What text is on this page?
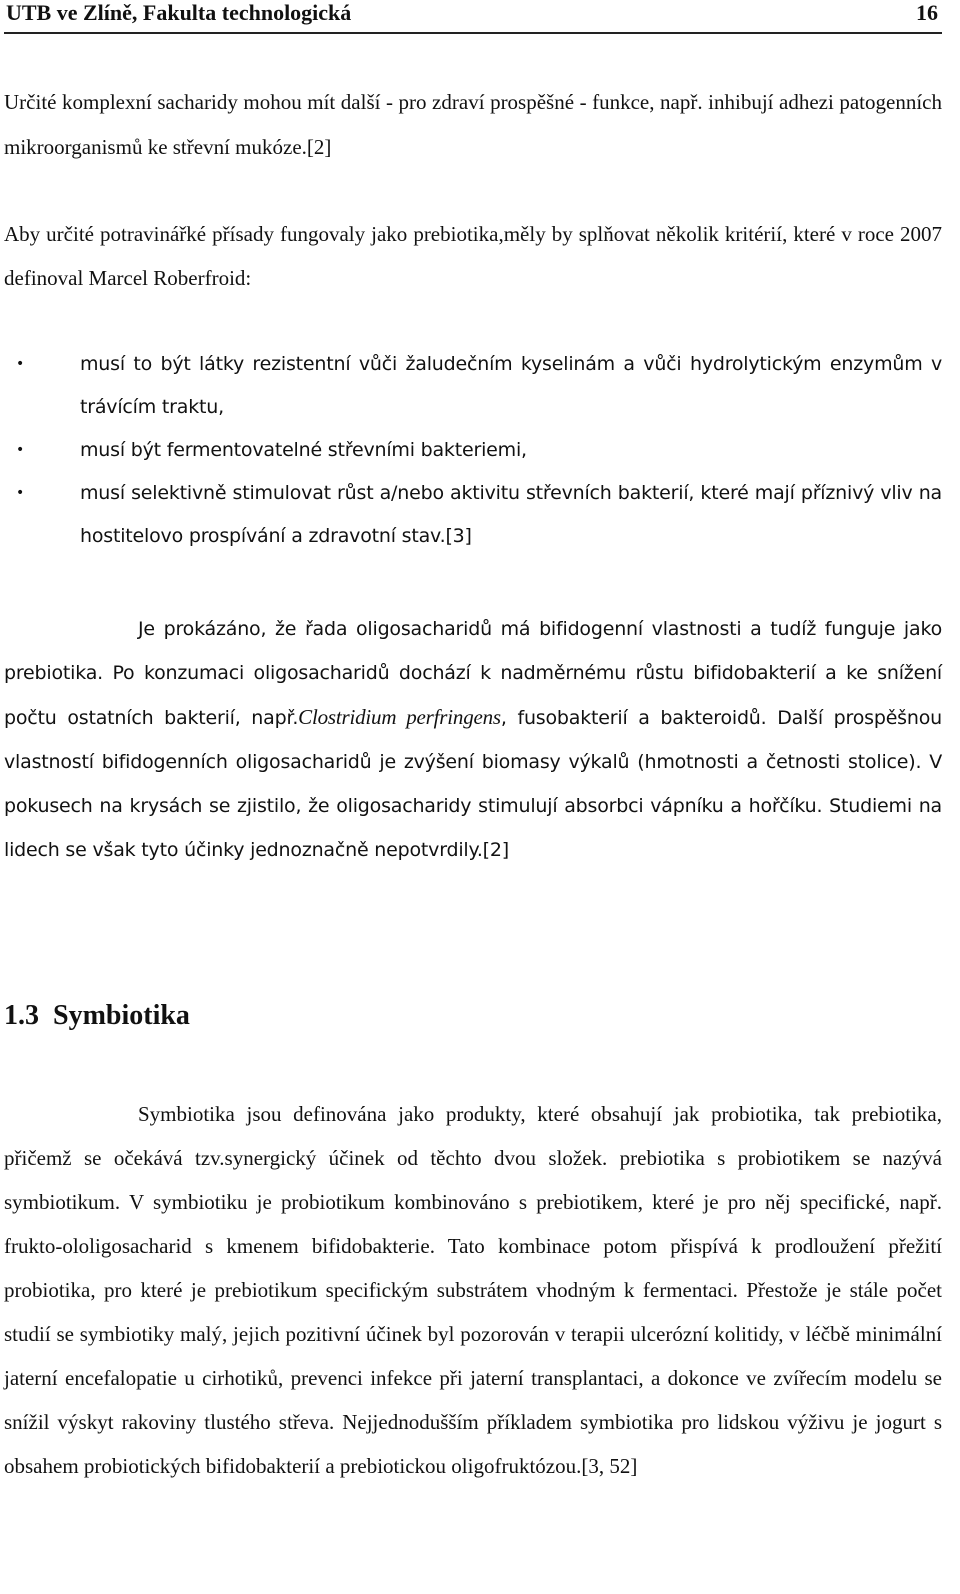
UTB ve Zlíně, Fakulta technologická	16
Určité komplexní sacharidy mohou mít další - pro zdraví prospěšné - funkce, např. inhibují adhezi patogenních mikroorganismů ke střevní mukóze.[2]
Aby určité potravinářké přísady fungovaly jako prebiotika,měly by splňovat několik kritérií, které v roce 2007 definoval Marcel Roberfroid:
•	musí to být látky rezistentní vůči žaludečním kyselinám a vůči hydrolytickým enzymům v trávícím traktu,
•	musí být fermentovatelné střevními bakteriemi,
•	musí selektivně stimulovat růst a/nebo aktivitu střevních bakterií, které mají příznivý vliv na hostitelovo prospívání a zdravotní stav.[3]
Je prokázáno, že řada oligosacharidů má bifidogenní vlastnosti a tudíž funguje jako prebiotika. Po konzumaci oligosacharidů dochází k nadměrnému růstu bifidobakterií a ke snížení počtu ostatních bakterií, např.Clostridium perfringens, fusobakterií a bakteroidů. Další prospěšnou vlastností bifidogenních oligosacharidů je zvýšení biomasy výkalů (hmotnosti a četnosti stolice). V pokusech na krysách se zjistilo, že oligosacharidy stimulují absorbci vápníku a hořčíku. Studiemi na lidech se však tyto účinky jednoznačně nepotvrdily.[2]
1.3 Symbiotika
Symbiotika jsou definována jako produkty, které obsahují jak probiotika, tak prebiotika, přičemž se očekává tzv.synergický účinek od těchto dvou složek. prebiotika s probiotikem se nazývá symbiotikum. V symbiotiku je probiotikum kombinováno s prebiotikem, které je pro něj specifické, např. frukto-ololigosacharid s kmenem bifidobakterie. Tato kombinace potom přispívá k prodloužení přežití probiotika, pro které je prebiotikum specifickým substrátem vhodným k fermentaci. Přestože je stále počet studií se symbiotiky malý, jejich pozitivní účinek byl pozorován v terapii ulcerózní kolitidy, v léčbě minimální jaterní encefalopatie u cirhotiků, prevenci infekce při jaterní transplantaci, a dokonce ve zvířecím modelu se snížil výskyt rakoviny tlustého střeva. Nejjednodušším příkladem symbiotika pro lidskou výživu je jogurt s obsahem probiotických bifidobakterií a prebiotickou oligofruktózou.[3, 52]
